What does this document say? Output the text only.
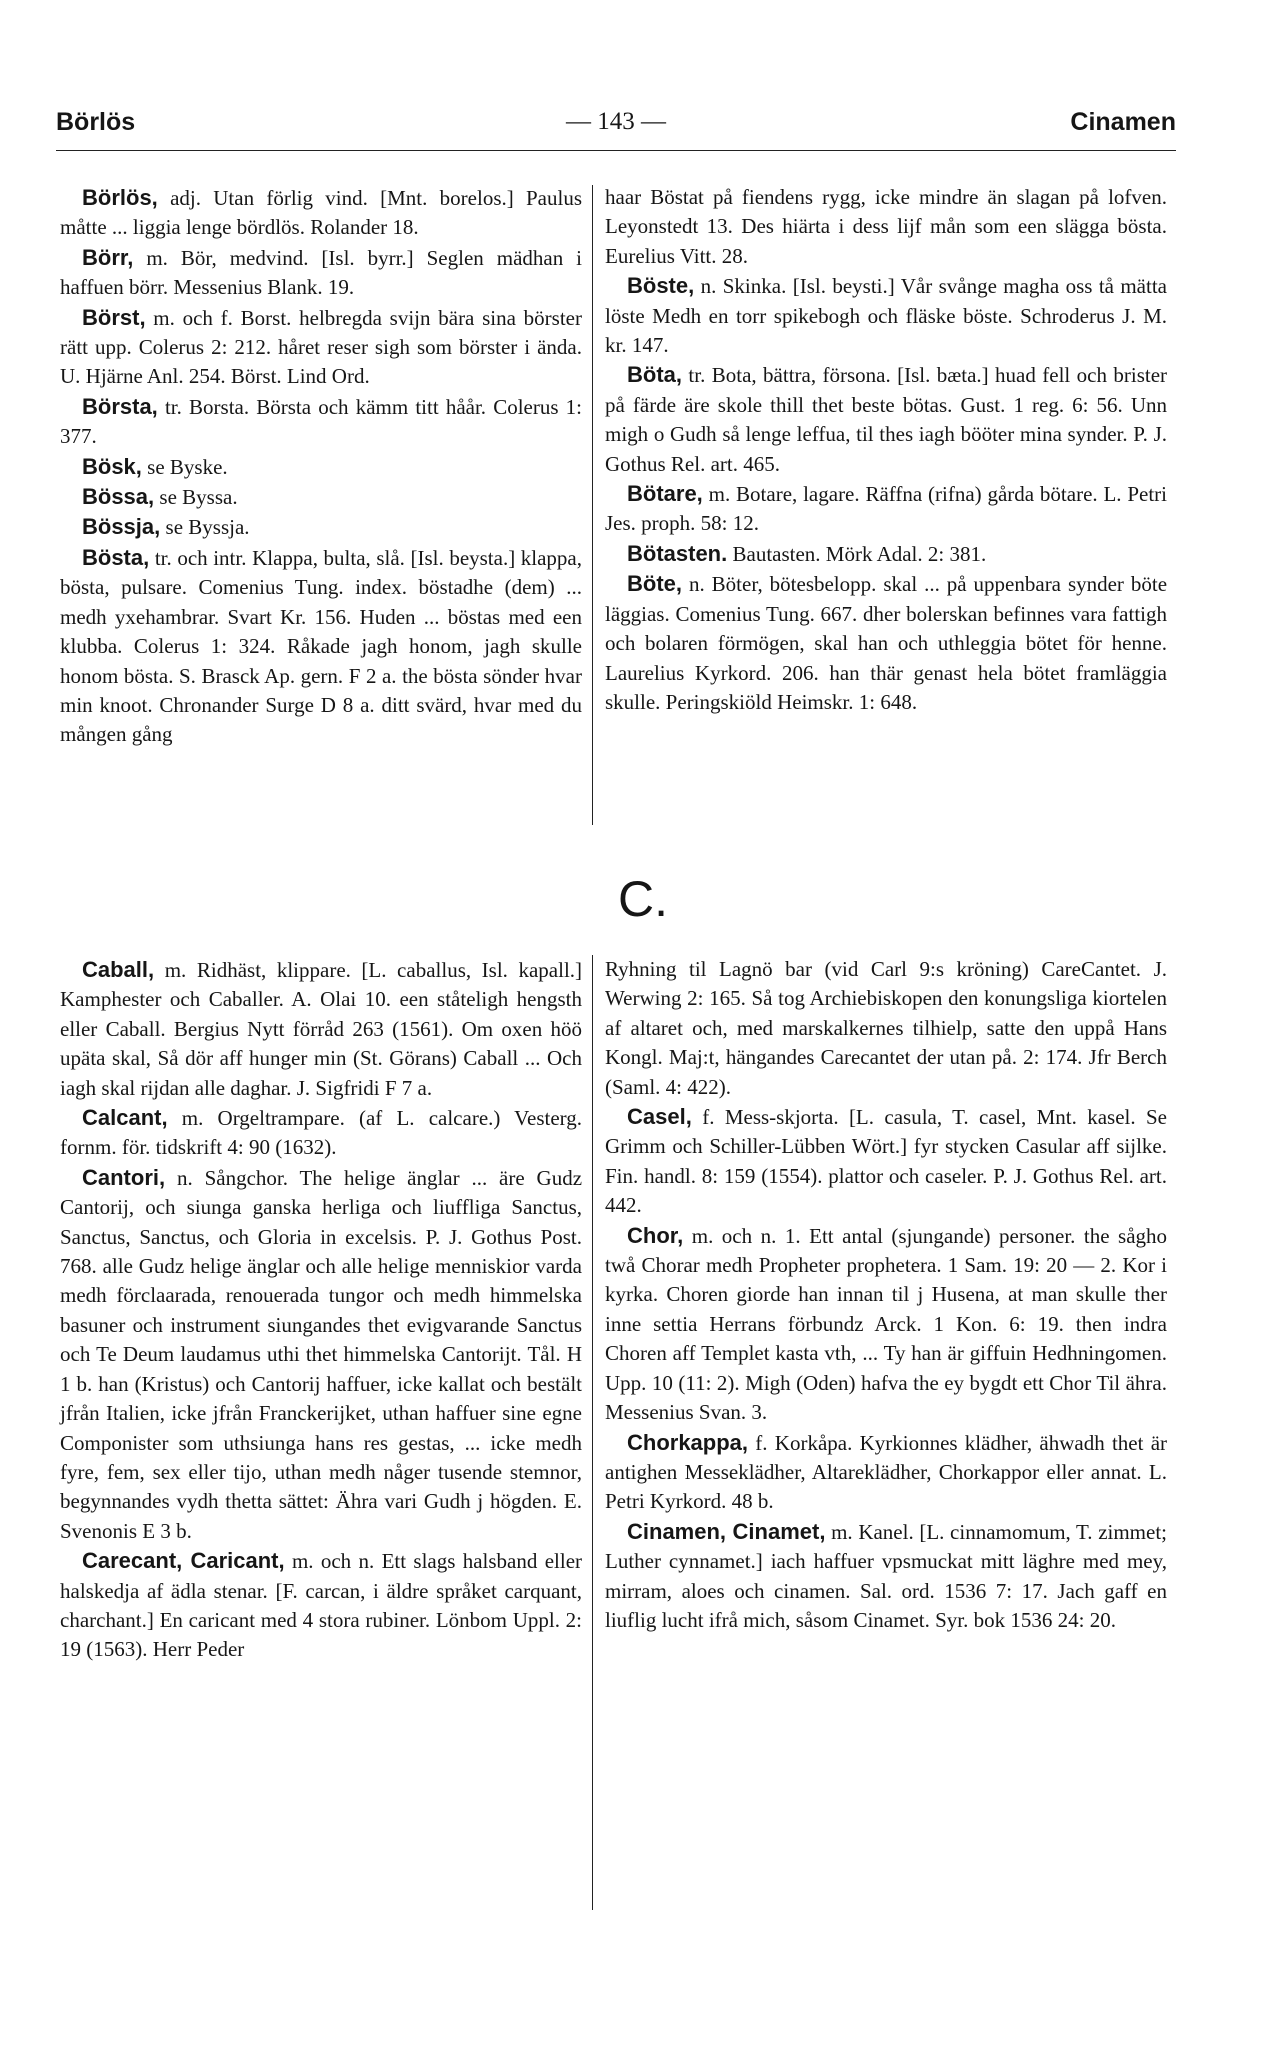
Börlös	— 143 —	Cinamen

Börlös, adj. Utan förlig vind. [Mnt. borelos.] Paulus måtte ... liggia lenge bördlös. Rolander 18.

Börr, m. Bör, medvind. [Isl. byrr.] Seglen mädhan i haffuen börr. Messenius Blank. 19.

Börst, m. och f. Borst. helbregda svijn bära sina börster rätt upp. Colerus 2: 212. håret reser sigh som börster i ända. U. Hjärne Anl. 254. Börst. Lind Ord.

Börsta, tr. Borsta. Börsta och kämm titt håår. Colerus 1: 377.

Bösk, se Byske.

Bössa, se Byssa.

Bössja, se Byssja.

Bösta, tr. och intr. Klappa, bulta, slå. [Isl. beysta.] klappa, bösta, pulsare. Comenius Tung. index. böstadhe (dem) ... medh yxehambrar. Svart Kr. 156. Huden ... böstas med een klubba. Colerus 1: 324. Råkade jagh honom, jagh skulle honom bösta. S. Brasck Ap. gern. F 2 a. the bösta sönder hvar min knoot. Chronander Surge D 8 a. ditt svärd, hvar med du mången gång

haar Böstat på fiendens rygg, icke mindre än slagan på lofven. Leyonstedt 13. Des hiärta i dess lijf mån som een slägga bösta. Eurelius Vitt. 28.

Böste, n. Skinka. [Isl. beysti.] Vår svånge magha oss tå mätta löste Medh en torr spikebogh och fläske böste. Schroderus J. M. kr. 147.

Böta, tr. Bota, bättra, försona. [Isl. bæta.] huad fell och brister på färde äre skole thill thet beste bötas. Gust. 1 reg. 6: 56. Unn migh o Gudh så lenge leffua, til thes iagh bööter mina synder. P. J. Gothus Rel. art. 465.

Bötare, m. Botare, lagare. Räffna (rifna) gårda bötare. L. Petri Jes. proph. 58: 12.

Bötasten. Bautasten. Mörk Adal. 2: 381.

Böte, n. Böter, bötesbelopp. skal ... på uppenbara synder böte läggias. Comenius Tung. 667. dher bolerskan befinnes vara fattigh och bolaren förmögen, skal han och uthleggia bötet för henne. Laurelius Kyrkord. 206. han thär genast hela bötet framläggia skulle. Peringskiöld Heimskr. 1: 648.

C.

Caball, m. Ridhäst, klippare. [L. caballus, Isl. kapall.] Kamphester och Caballer. A. Olai 10. een ståteligh hengsth eller Caball. Bergius Nytt förråd 263 (1561). Om oxen höö upäta skal, Så dör aff hunger min (St. Görans) Caball ... Och iagh skal rijdan alle daghar. J. Sigfridi F 7 a.

Calcant, m. Orgeltrampare. (af L. calcare.) Vesterg. fornm. för. tidskrift 4: 90 (1632).

Cantori, n. Sångchor. The helige änglar ... äre Gudz Cantorij, och siunga ganska herliga och liuffliga Sanctus, Sanctus, Sanctus, och Gloria in excelsis. P. J. Gothus Post. 768. alle Gudz helige änglar och alle helige menniskior varda medh förclaarada, renouerada tungor och medh himmelska basuner och instrument siungandes thet evigvarande Sanctus och Te Deum laudamus uthi thet himmelska Cantorijt. Tål. H 1 b. han (Kristus) och Cantorij haffuer, icke kallat och bestält jfrån Italien, icke jfrån Franckerijket, uthan haffuer sine egne Componister som uthsiunga hans res gestas, ... icke medh fyre, fem, sex eller tijo, uthan medh någer tusende stemnor, begynnandes vydh thetta sättet: Ähra vari Gudh j högden. E. Svenonis E 3 b.

Carecant, Caricant, m. och n. Ett slags halsband eller halskedja af ädla stenar. [F. carcan, i äldre språket carquant, charchant.] En caricant med 4 stora rubiner. Lönbom Uppl. 2: 19 (1563). Herr Peder

Ryhning til Lagnö bar (vid Carl 9:s kröning) CareCantet. J. Werwing 2: 165. Så tog Archiebiskopen den konungsliga kiortelen af altaret och, med marskalkernes tilhielp, satte den uppå Hans Kongl. Maj:t, hängandes Carecantet der utan på. 2: 174. Jfr Berch (Saml. 4: 422).

Casel, f. Mess-skjorta. [L. casula, T. casel, Mnt. kasel. Se Grimm och Schiller-Lübben Wört.] fyr stycken Casular aff sijlke. Fin. handl. 8: 159 (1554). plattor och caseler. P. J. Gothus Rel. art. 442.

Chor, m. och n. 1. Ett antal (sjungande) personer. the sågho twå Chorar medh Propheter prophetera. 1 Sam. 19: 20 — 2. Kor i kyrka. Choren giorde han innan til j Husena, at man skulle ther inne settia Herrans förbundz Arck. 1 Kon. 6: 19. then indra Choren aff Templet kasta vth, ... Ty han är giffuin Hedhningomen. Upp. 10 (11: 2). Migh (Oden) hafva the ey bygdt ett Chor Til ähra. Messenius Svan. 3.

Chorkappa, f. Korkåpa. Kyrkionnes klädher, ähwadh thet är antighen Messeklädher, Altareklädher, Chorkappor eller annat. L. Petri Kyrkord. 48 b.

Cinamen, Cinamet, m. Kanel. [L. cinnamomum, T. zimmet; Luther cynnamet.] iach haffuer vpsmuckat mitt läghre med mey, mirram, aloes och cinamen. Sal. ord. 1536 7: 17. Jach gaff en liuflig lucht ifrå mich, såsom Cinamet. Syr. bok 1536 24: 20.
